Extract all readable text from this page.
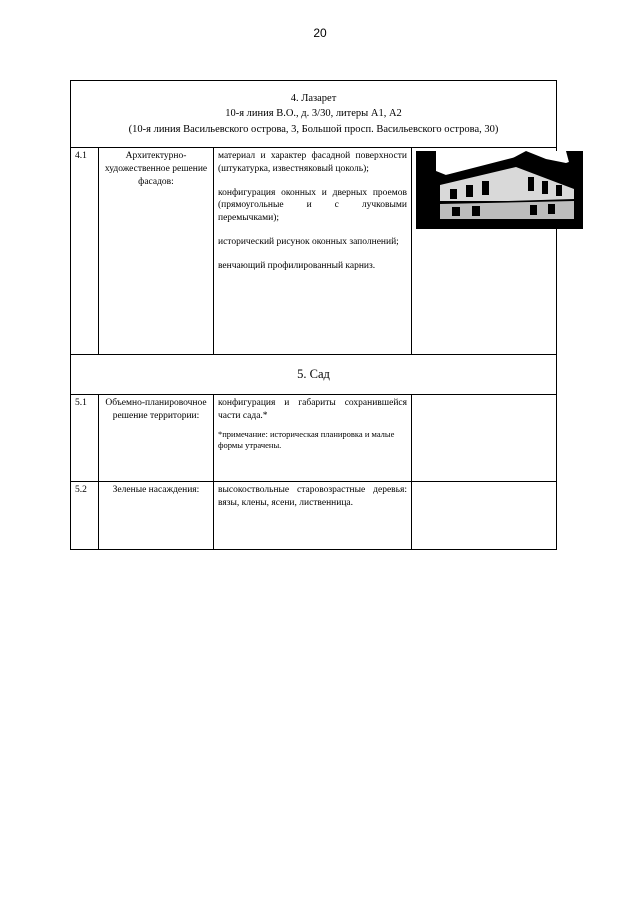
20
4. Лазарет
10-я линия В.О., д. 3/30, литеры А1, А2
(10-я линия Васильевского острова, 3, Большой просп. Васильевского острова, 30)			

4.1	Архитектурно-художественное решение фасадов:	материал и характер фасадной поверхности (штукатурка, известняковый цоколь);

конфигурация оконных и дверных проемов (прямоугольные и с лучковыми перемычками);

исторический рисунок оконных заполнений;

венчающий профилированный карниз.

5. Сад			
5.1	Объемно-планировочное решение территории:	конфигурация и габариты сохранившейся части сада.*

*примечание: историческая планировка и малые формы утрачены.	

5.2	Зеленые насаждения:	высокоствольные старовозрастные деревья: вязы, клены, ясени, лиственница.	
